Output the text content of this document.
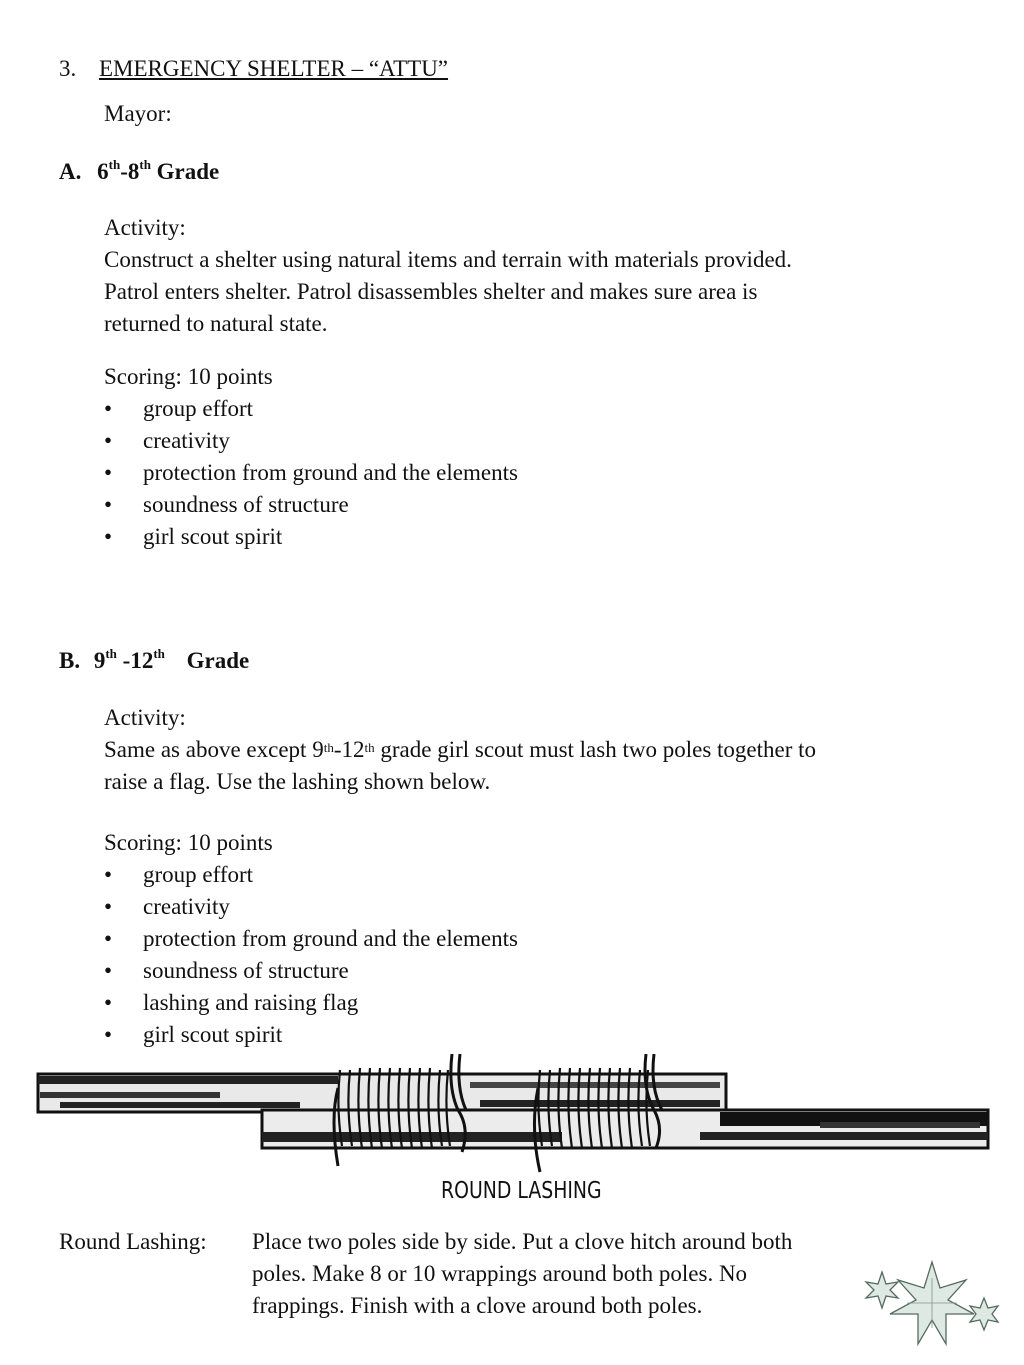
3. EMERGENCY SHELTER – “ATTU”
Mayor:
A. 6th-8th Grade
Activity:
Construct a shelter using natural items and terrain with materials provided.
Patrol enters shelter. Patrol disassembles shelter and makes sure area is
returned to natural state.
Scoring: 10 points
• group effort
• creativity
• protection from ground and the elements
• soundness of structure
• girl scout spirit
B. 9th -12th Grade
Activity:
Same as above except 9th-12th grade girl scout must lash two poles together to
raise a flag. Use the lashing shown below.
Scoring: 10 points
• group effort
• creativity
• protection from ground and the elements
• soundness of structure
• lashing and raising flag
• girl scout spirit
ROUND LASHING
Round Lashing: Place two poles side by side. Put a clove hitch around both
poles. Make 8 or 10 wrappings around both poles. No
frappings. Finish with a clove around both poles.
